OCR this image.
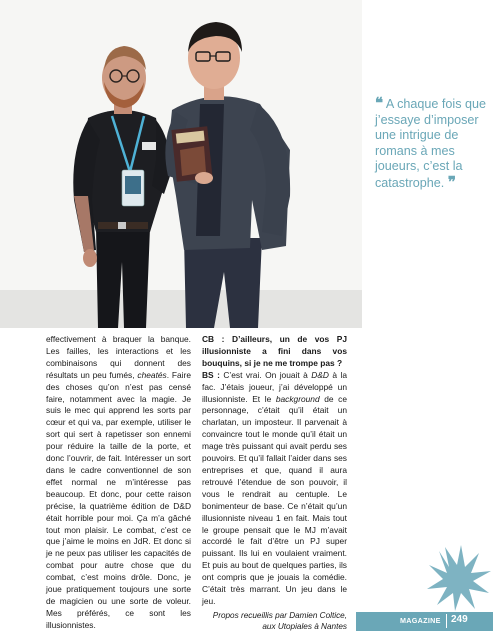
❝ A chaque fois que j’essaye d’imposer une intrigue de romans à mes joueurs, c’est la catastrophe. ❞

effectivement à braquer la banque. Les failles, les interactions et les combinaisons qui donnent des résultats un peu fumés, cheatés. Faire des choses qu’on n’est pas censé faire, notamment avec la magie. Je suis le mec qui apprend les sorts par cœur et qui va, par exemple, utiliser le sort qui sert à rapetisser son ennemi pour réduire la taille de la porte, et donc l’ouvrir, de fait. Intéresser un sort dans le cadre conventionnel de son effet normal ne m’intéresse pas beaucoup. Et donc, pour cette raison précise, la quatrième édition de D&D était horrible pour moi. Ça m’a gâché tout mon plaisir. Le combat, c’est ce que j’aime le moins en JdR. Et donc si je ne peux pas utiliser les capacités de combat pour autre chose que du combat, c’est moins drôle. Donc, je joue pratiquement toujours une sorte de magicien ou une sorte de voleur. Mes préférés, ce sont les illusionnistes.

CB : D’ailleurs, un de vos PJ illusionniste a fini dans vos bouquins, si je ne me trompe pas ?

BS : C’est vrai. On jouait à D&D à la fac. J’étais joueur, j’ai développé un illusionniste. Et le background de ce personnage, c’était qu’il était un charlatan, un imposteur. Il parvenait à convaincre tout le monde qu’il était un mage très puissant qui avait perdu ses pouvoirs. Et qu’il fallait l’aider dans ses entreprises et que, quand il aura retrouvé l’étendue de son pouvoir, il vous le rendrait au centuple. Le bonimenteur de base. Ce n’était qu’un illusionniste niveau 1 en fait. Mais tout le groupe pensait que le MJ m’avait accordé le fait d’être un PJ super puissant. Ils lui en voulaient vraiment. Et puis au bout de quelques parties, ils ont compris que je jouais la comédie. C’était très marrant. Un jeu dans le jeu.

Propos recueillis par Damien Coltice,
aux Utopiales à Nantes

MAGAZINE 249
